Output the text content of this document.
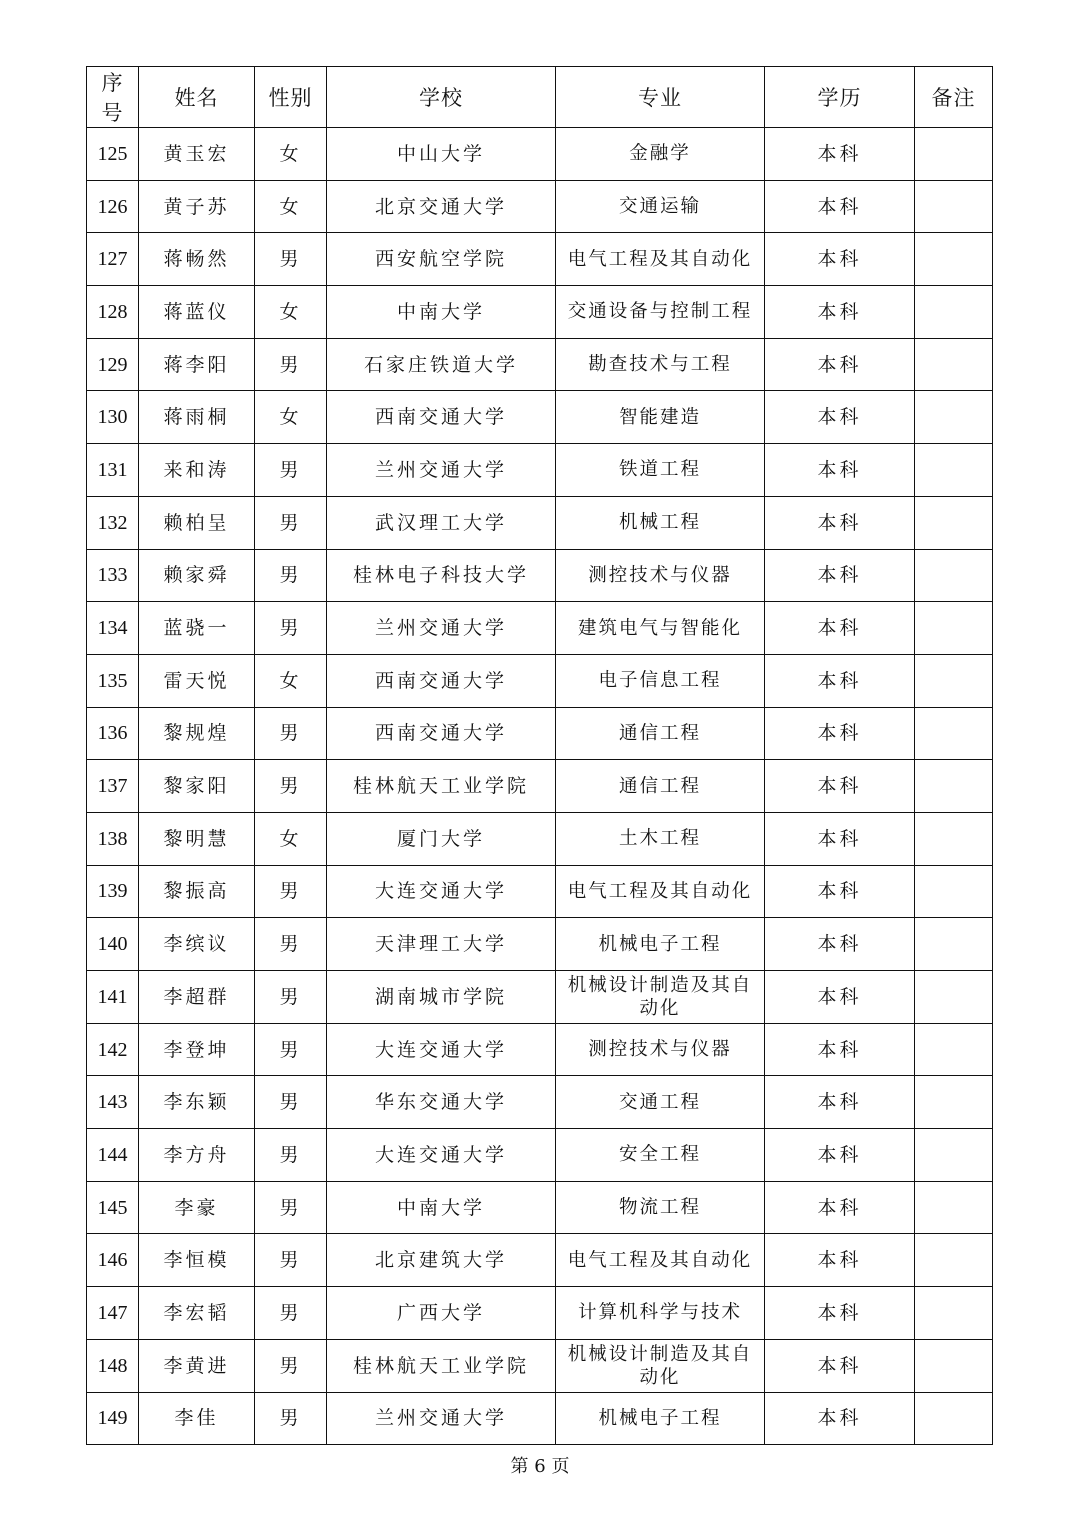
序号	姓名	性别	学校	专业	学历	备注
125	黄玉宏	女	中山大学	金融学	本科	
126	黄子苏	女	北京交通大学	交通运输	本科	
127	蒋畅然	男	西安航空学院	电气工程及其自动化	本科	
128	蒋蓝仪	女	中南大学	交通设备与控制工程	本科	
129	蒋李阳	男	石家庄铁道大学	勘查技术与工程	本科	
130	蒋雨桐	女	西南交通大学	智能建造	本科	
131	来和涛	男	兰州交通大学	铁道工程	本科	
132	赖柏呈	男	武汉理工大学	机械工程	本科	
133	赖家舜	男	桂林电子科技大学	测控技术与仪器	本科	
134	蓝骁一	男	兰州交通大学	建筑电气与智能化	本科	
135	雷天悦	女	西南交通大学	电子信息工程	本科	
136	黎规煌	男	西南交通大学	通信工程	本科	
137	黎家阳	男	桂林航天工业学院	通信工程	本科	
138	黎明慧	女	厦门大学	土木工程	本科	
139	黎振高	男	大连交通大学	电气工程及其自动化	本科	
140	李缤议	男	天津理工大学	机械电子工程	本科	
141	李超群	男	湖南城市学院	机械设计制造及其自动化	本科	
142	李登坤	男	大连交通大学	测控技术与仪器	本科	
143	李东颖	男	华东交通大学	交通工程	本科	
144	李方舟	男	大连交通大学	安全工程	本科	
145	李豪	男	中南大学	物流工程	本科	
146	李恒模	男	北京建筑大学	电气工程及其自动化	本科	
147	李宏韬	男	广西大学	计算机科学与技术	本科	
148	李黄进	男	桂林航天工业学院	机械设计制造及其自动化	本科	
149	李佳	男	兰州交通大学	机械电子工程	本科	
第 6 页
